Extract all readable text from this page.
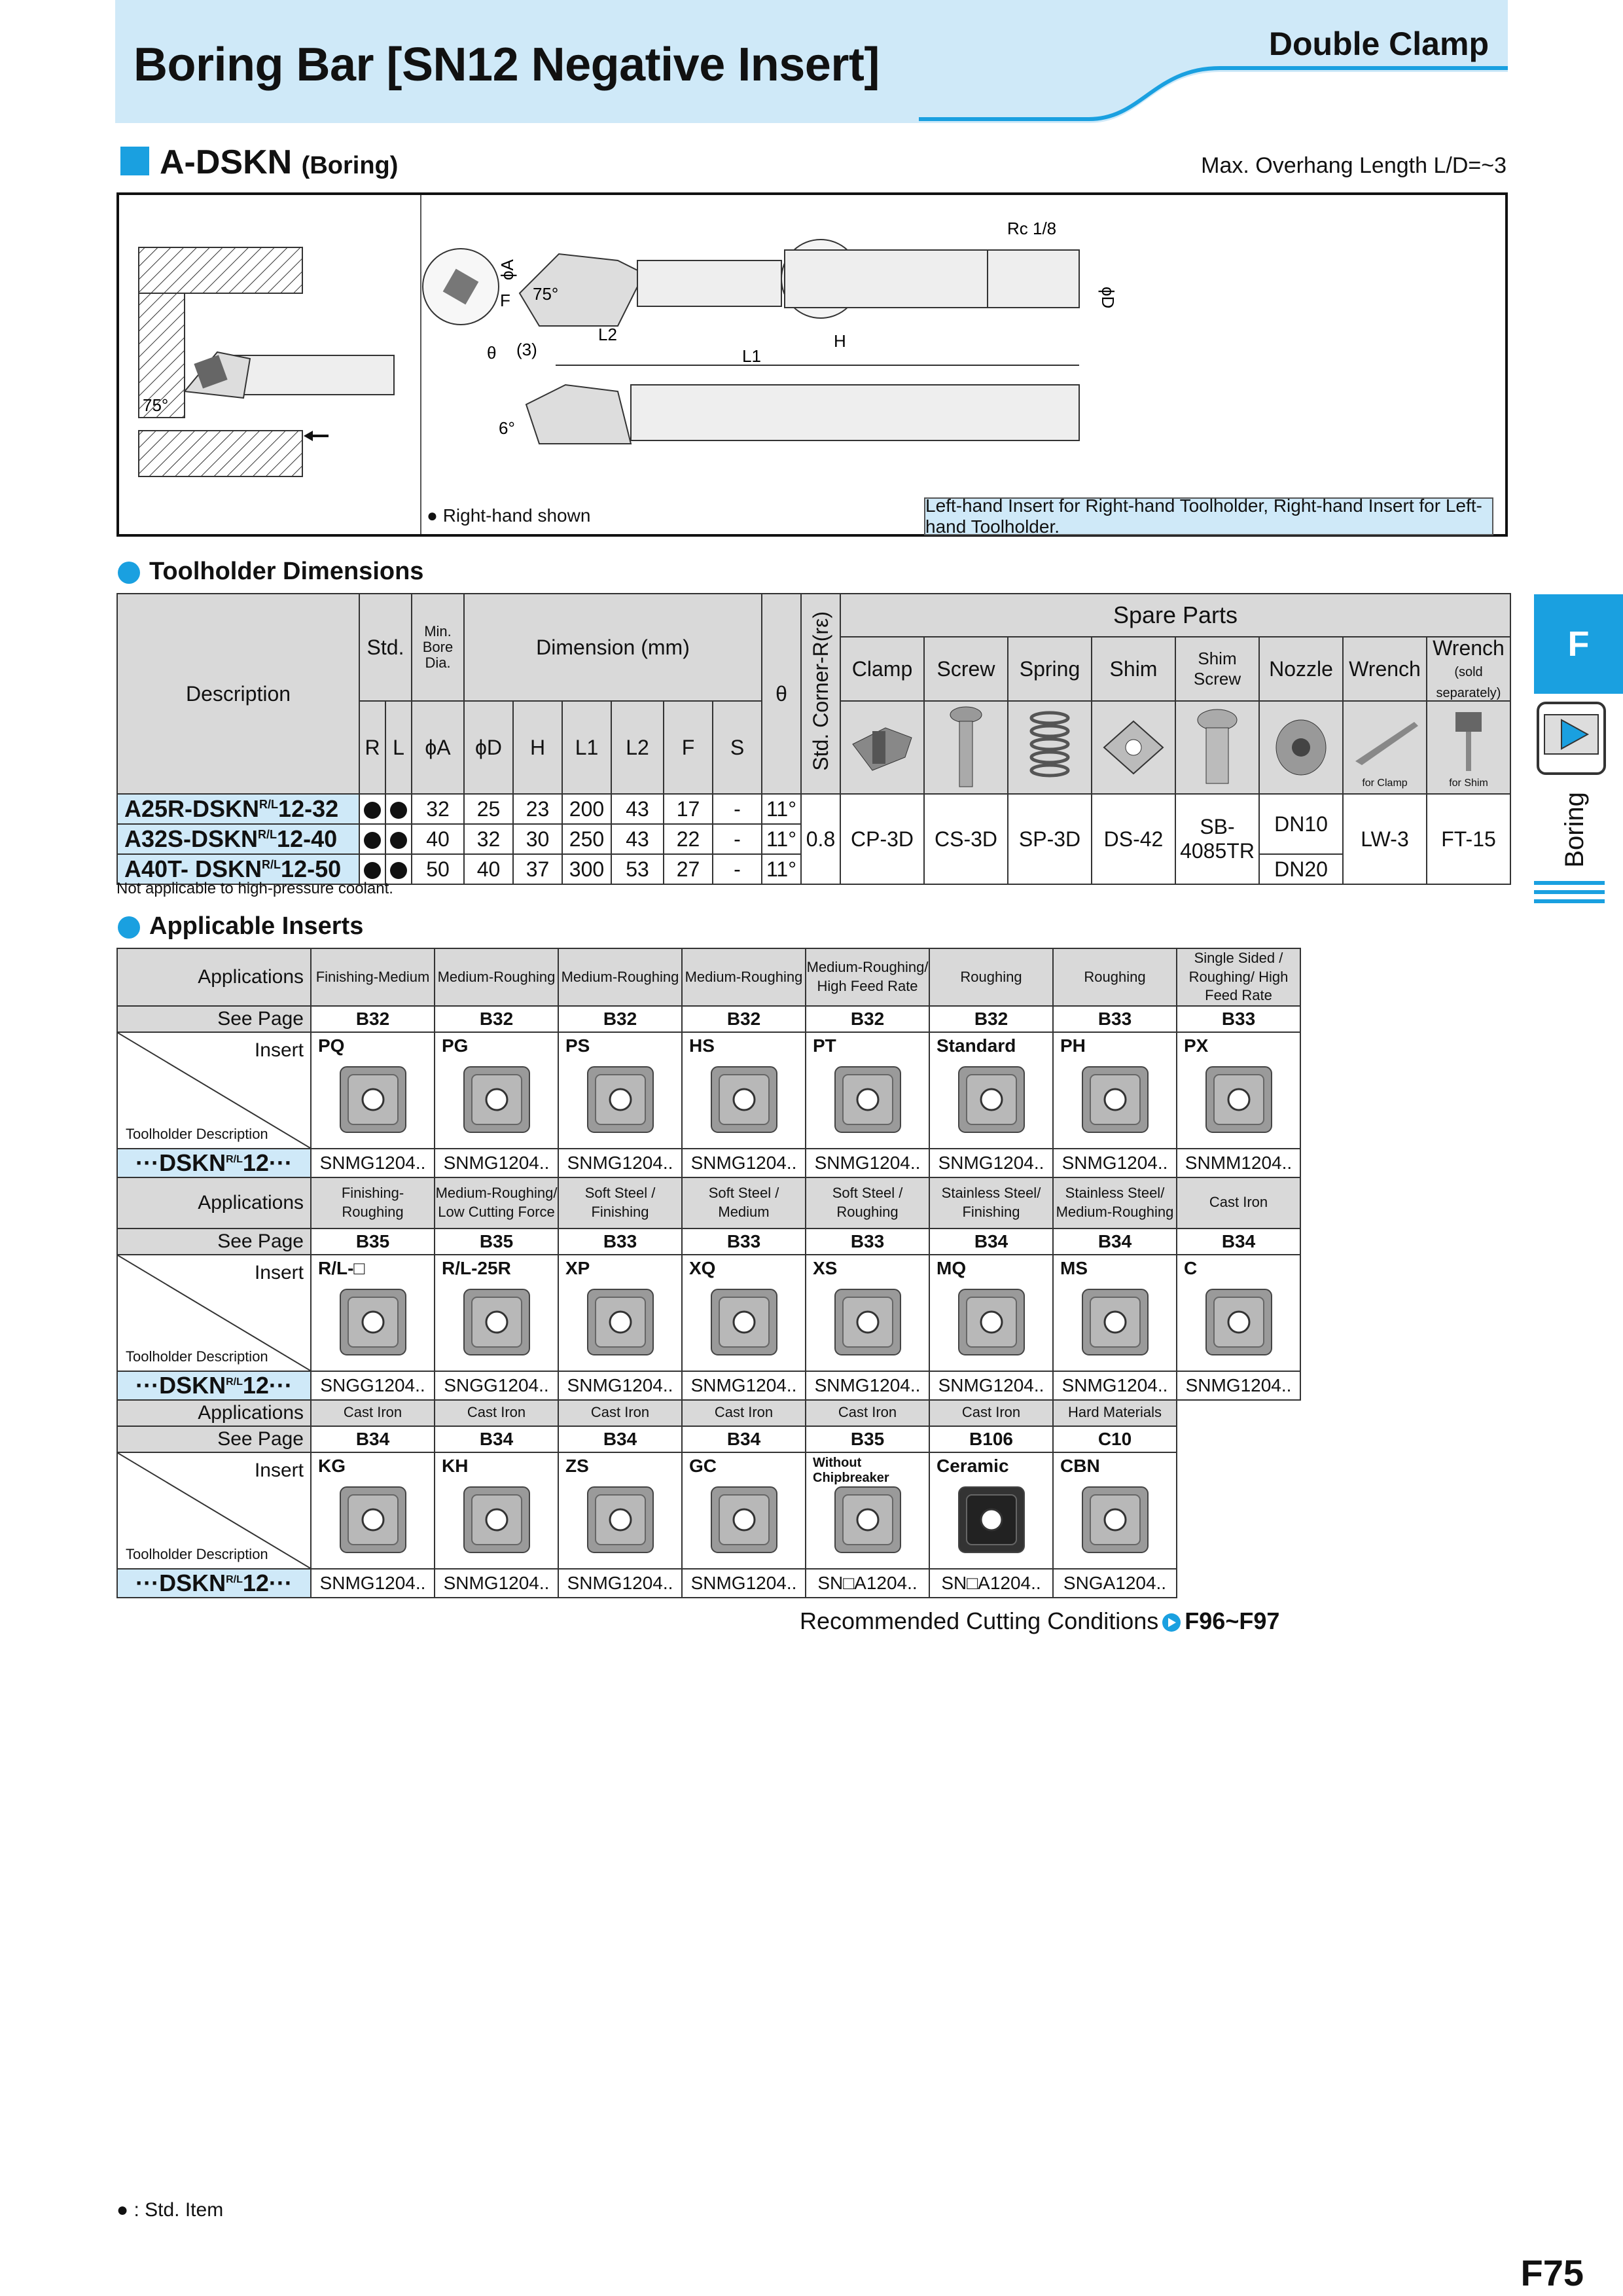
Boring Bar [SN12 Negative Insert]	Double Clamp
A-DSKN (Boring)	Max. Overhang Length L/D=~3
75°
Rc 1/8
ϕD
ϕA
F 75°
θ (3)
L2	H
L1
6°
● Right-hand shown	Left-hand Insert for Right-hand Toolholder, Right-hand Insert for Left-hand Toolholder.
Toolholder Dimensions
Description	Std.		Min. Bore Dia.	Dimension (mm)						θ	Std. Corner-R(rε)	Spare Parts							
												Clamp	Screw	Spring	Shim	Shim Screw	Nozzle	Wrench	Wrench
(sold separately)
	R	L	ϕA	ϕD	H	L1	L2	F	S									for Clamp	for Shim

$A25R-DSKN^{R/L}12-32$			32	25	23	200	43	17	-	11°	0.8	CP-3D	CS-3D	SP-3D	DS-42	SB-4085TR	DN10	LW-3	FT-15
$A32S-DSKN^{R/L}12-40$			40	32	30	250	43	22	-	11°									
A40T- $DSKN^{R/L}12-50$			50	40	37	300	53	27	-	11°							DN20		
Not applicable to high-pressure coolant.
Applicable Inserts
Applications	Finishing-Medium	Medium-Roughing	Medium-Roughing	Medium-Roughing	Medium-Roughing/ High Feed Rate	Roughing	Roughing	Single Sided / Roughing/ High Feed Rate
See Page	B32	B32	B32	B32	B32	B32	B33	B33

Insert
Toolholder Description	PQ	PG	PS	HS	PT	Standard	PH	PX

$\cdot\cdot\cdot DSKN^{R/L}12\cdot\cdot\cdot$	SNMG1204..	SNMG1204..	SNMG1204..	SNMG1204..	SNMG1204..	SNMG1204..	SNMG1204..	SNMM1204..
Applications	Finishing- Roughing	Medium-Roughing/ Low Cutting Force	Soft Steel / Finishing	Soft Steel / Medium	Soft Steel / Roughing	Stainless Steel/ Finishing	Stainless Steel/ Medium-Roughing	Cast Iron
See Page	B35	B35	B33	B33	B33	B34	B34	B34

Insert
Toolholder Description	R/L-□	R/L-25R	XP	XQ	XS	MQ	MS	C

$\cdot\cdot\cdot DSKN^{R/L}12\cdot\cdot\cdot$	SNGG1204..	SNGG1204..	SNMG1204..	SNMG1204..	SNMG1204..	SNMG1204..	SNMG1204..	SNMG1204..
Applications	Cast Iron	Cast Iron	Cast Iron	Cast Iron	Cast Iron	Cast Iron	Hard Materials	
See Page	B34	B34	B34	B34	B35	B106	C10	

Insert
Toolholder Description	KG	KH	ZS	GC	Without Chipbreaker	Ceramic	CBN	

$\cdot\cdot\cdot DSKN^{R/L}12\cdot\cdot\cdot$	SNMG1204..	SNMG1204..	SNMG1204..	SNMG1204..	SN□A1204..	SN□A1204..	SNGA1204..	
Recommended Cutting Conditions F96~F97
F
Boring
● : Std. Item
F75
